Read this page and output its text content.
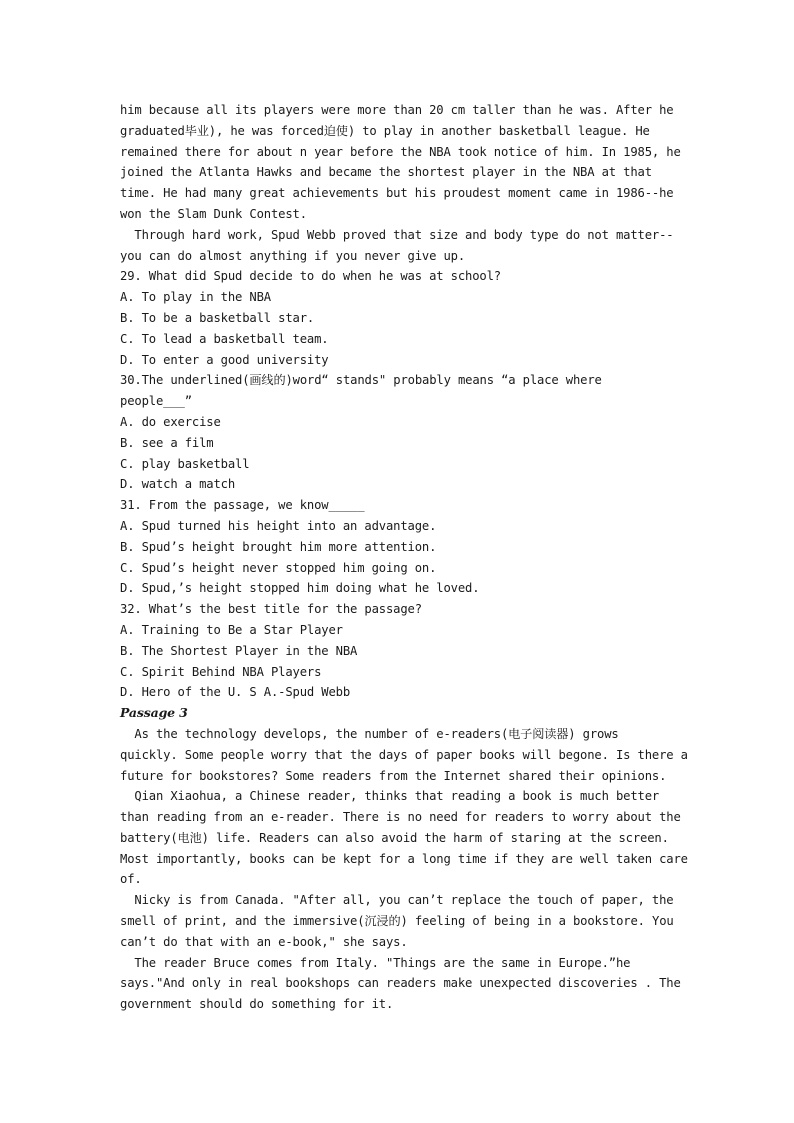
him because all its players were more than 20 cm taller than he was. After he
graduated毕业), he was forced迫使) to play in another basketball league. He
remained there for about n year before the NBA took notice of him. In 1985, he
joined the Atlanta Hawks and became the shortest player in the NBA at that
time. He had many great achievements but his proudest moment came in 1986--he
won the Slam Dunk Contest.
Through hard work, Spud Webb proved that size and body type do not matter--
you can do almost anything if you never give up.
29. What did Spud decide to do when he was at school?
A. To play in the NBA
B. To be a basketball star.
C. To lead a basketball team.
D. To enter a good university
30.The underlined(画线的)word“ stands" probably means “a place where
people___”
A. do exercise
B. see a film
C. play basketball
D. watch a match
31. From the passage, we know_____
A. Spud turned his height into an advantage.
B. Spud’s height brought him more attention.
C. Spud’s height never stopped him going on.
D. Spud,’s height stopped him doing what he loved.
32. What’s the best title for the passage?
A. Training to Be a Star Player
B. The Shortest Player in the NBA
C. Spirit Behind NBA Players
D. Hero of the U. S A.-Spud Webb
Passage 3
As the technology develops, the number of e-readers(电子阅读器) grows
quickly. Some people worry that the days of paper books will begone. Is there a
future for bookstores? Some readers from the Internet shared their opinions.
Qian Xiaohua, a Chinese reader, thinks that reading a book is much better
than reading from an e-reader. There is no need for readers to worry about the
battery(电池) life. Readers can also avoid the harm of staring at the screen.
Most importantly, books can be kept for a long time if they are well taken care
of.
Nicky is from Canada. "After all, you can’t replace the touch of paper, the
smell of print, and the immersive(沉浸的) feeling of being in a bookstore. You
can’t do that with an e-book," she says.
The reader Bruce comes from Italy. "Things are the same in Europe.”he
says."And only in real bookshops can readers make unexpected discoveries . The
government should do something for it.
